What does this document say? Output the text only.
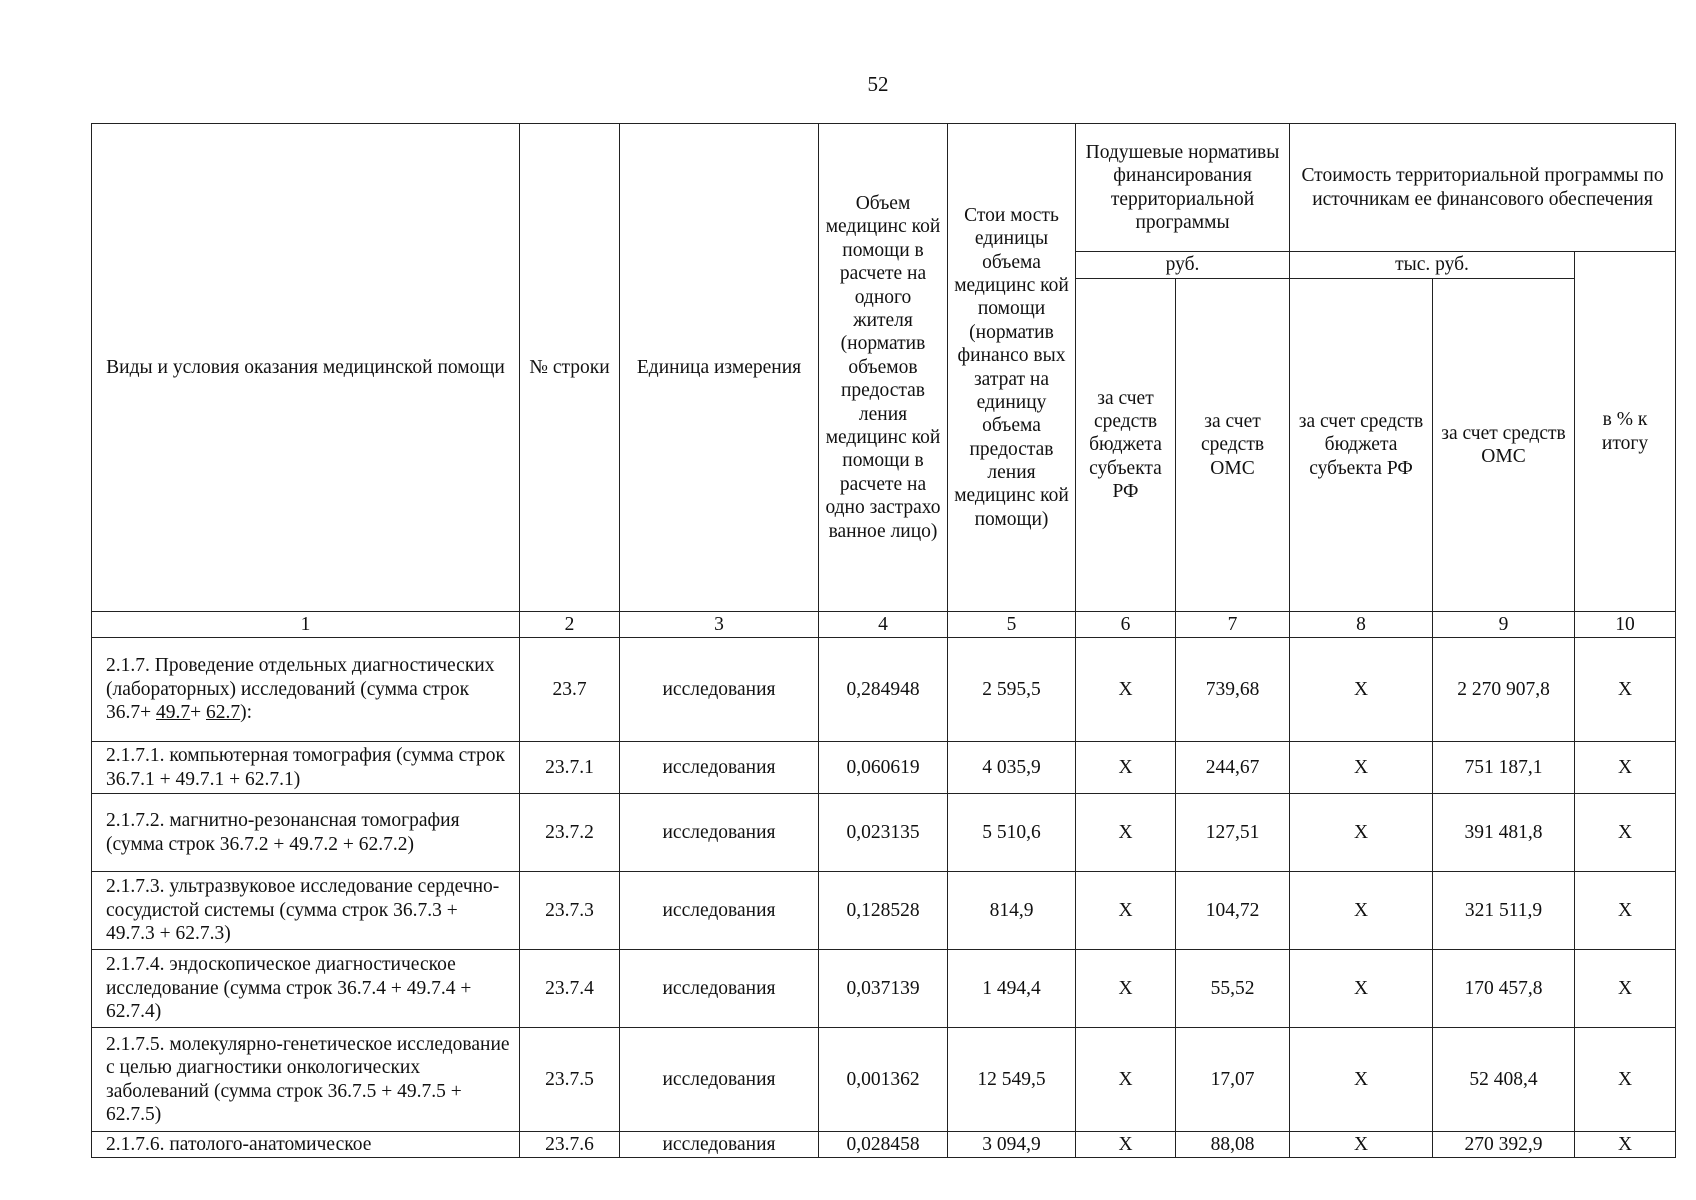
52
Виды и условия оказания медицинской помощи	№ строки	Единица измерения	Объем медицинс кой помощи в расчете на одного жителя (норматив объемов предостав ления медицинс кой помощи в расчете на одно застрахо ванное лицо)	Стои мость единицы объема медицинс кой помощи (норматив финансо вых затрат на единицу объема предостав ления медицинс кой помощи)	Подушевые нормативы финансирования территориальной программы		Стоимость территориальной программы по источникам ее финансового обеспечения		
					руб.		тыс. руб.		в % к итогу
					за счет средств бюджета субъекта РФ	за счет средств ОМС	за счет средств бюджета субъекта РФ	за счет средств ОМС	
1	2	3	4	5	6	7	8	9	10
2.1.7. Проведение отдельных диагностических (лабораторных) исследований (сумма строк 36.7+ 49.7+ 62.7):	23.7	исследования	0,284948	2 595,5	X	739,68	X	2 270 907,8	X
2.1.7.1. компьютерная томография (сумма строк 36.7.1 + 49.7.1 + 62.7.1)	23.7.1	исследования	0,060619	4 035,9	X	244,67	X	751 187,1	X
2.1.7.2. магнитно-резонансная томография (сумма строк 36.7.2 + 49.7.2 + 62.7.2)	23.7.2	исследования	0,023135	5 510,6	X	127,51	X	391 481,8	X
2.1.7.3. ультразвуковое исследование сердечно-сосудистой системы (сумма строк 36.7.3 + 49.7.3 + 62.7.3)	23.7.3	исследования	0,128528	814,9	X	104,72	X	321 511,9	X
2.1.7.4. эндоскопическое диагностическое исследование (сумма строк 36.7.4 + 49.7.4 + 62.7.4)	23.7.4	исследования	0,037139	1 494,4	X	55,52	X	170 457,8	X
2.1.7.5. молекулярно-генетическое исследование с целью диагностики онкологических заболеваний (сумма строк 36.7.5 + 49.7.5 + 62.7.5)	23.7.5	исследования	0,001362	12 549,5	X	17,07	X	52 408,4	X
2.1.7.6. патолого-анатомическое	23.7.6	исследования	0,028458	3 094,9	X	88,08	X	270 392,9	X
